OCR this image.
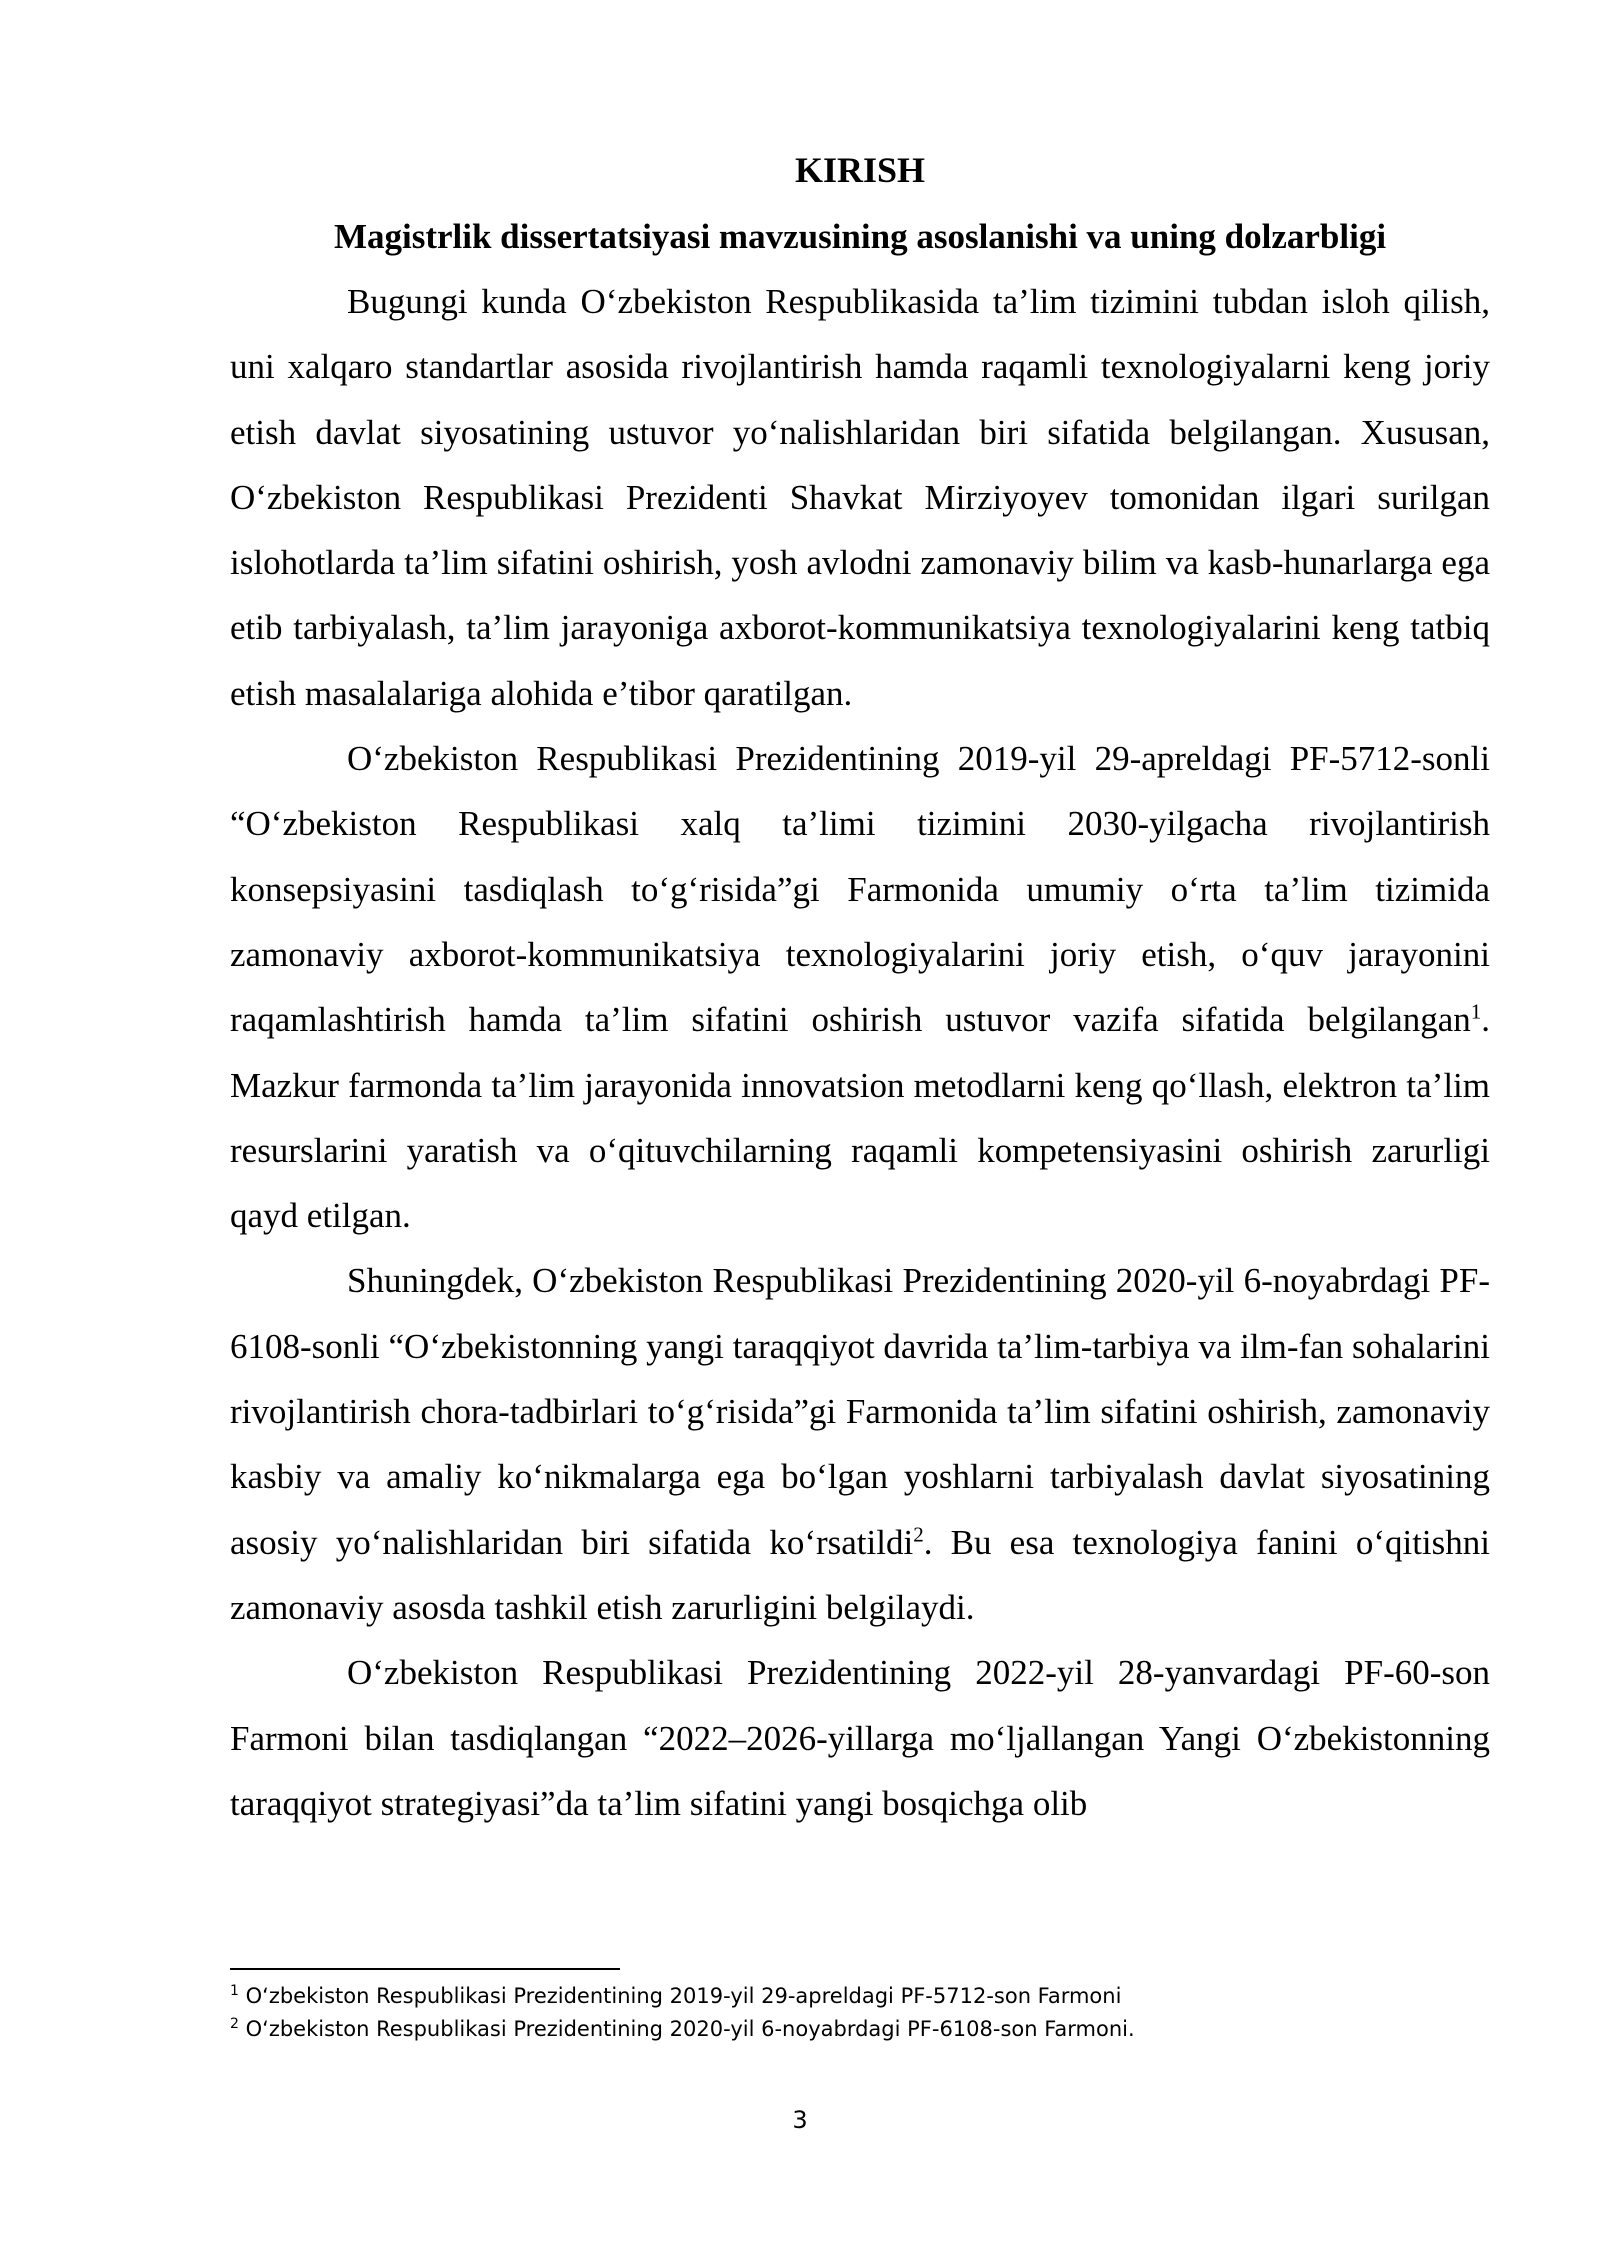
KIRISH
Magistrlik dissertatsiyasi mavzusining asoslanishi va uning dolzarbligi

Bugungi kunda O‘zbekiston Respublikasida ta’lim tizimini tubdan isloh qilish, uni xalqaro standartlar asosida rivojlantirish hamda raqamli texnologiyalarni keng joriy etish davlat siyosatining ustuvor yo‘nalishlaridan biri sifatida belgilangan. Xususan, O‘zbekiston Respublikasi Prezidenti Shavkat Mirziyoyev tomonidan ilgari surilgan islohotlarda ta’lim sifatini oshirish, yosh avlodni zamonaviy bilim va kasb-hunarlarga ega etib tarbiyalash, ta’lim jarayoniga axborot-kommunikatsiya texnologiyalarini keng tatbiq etish masalalariga alohida e’tibor qaratilgan.

O‘zbekiston Respublikasi Prezidentining 2019-yil 29-apreldagi PF-5712-sonli “O‘zbekiston Respublikasi xalq ta’limi tizimini 2030-yilgacha rivojlantirish konsepsiyasini tasdiqlash to‘g‘risida”gi Farmonida umumiy o‘rta ta’lim tizimida zamonaviy axborot-kommunikatsiya texnologiyalarini joriy etish, o‘quv jarayonini raqamlashtirish hamda ta’lim sifatini oshirish ustuvor vazifa sifatida belgilangan$^1$. Mazkur farmonda ta’lim jarayonida innovatsion metodlarni keng qo‘llash, elektron ta’lim resurslarini yaratish va o‘qituvchilarning raqamli kompetensiyasini oshirish zarurligi qayd etilgan.

Shuningdek, O‘zbekiston Respublikasi Prezidentining 2020-yil 6-noyabrdagi PF-6108-sonli “O‘zbekistonning yangi taraqqiyot davrida ta’lim-tarbiya va ilm-fan sohalarini rivojlantirish chora-tadbirlari to‘g‘risida”gi Farmonida ta’lim sifatini oshirish, zamonaviy kasbiy va amaliy ko‘nikmalarga ega bo‘lgan yoshlarni tarbiyalash davlat siyosatining asosiy yo‘nalishlaridan biri sifatida ko‘rsatildi$^2$. Bu esa texnologiya fanini o‘qitishni zamonaviy asosda tashkil etish zarurligini belgilaydi.

O‘zbekiston Respublikasi Prezidentining 2022-yil 28-yanvardagi PF-60-son Farmoni bilan tasdiqlangan “2022–2026-yillarga mo‘ljallangan Yangi O‘zbekistonning taraqqiyot strategiyasi”da ta’lim sifatini yangi bosqichga olib

$^1$ O‘zbekiston Respublikasi Prezidentining 2019-yil 29-apreldagi PF-5712-son Farmoni

$^2$ O‘zbekiston Respublikasi Prezidentining 2020-yil 6-noyabrdagi PF-6108-son Farmoni.

3
